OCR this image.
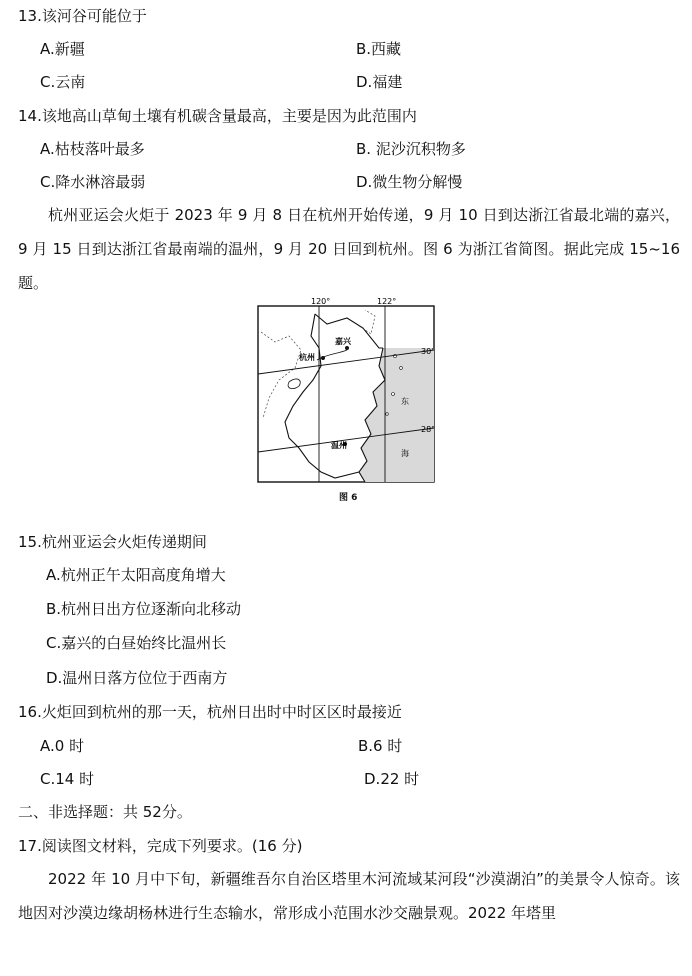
13.该河谷可能位于
A.新疆	B.西藏
C.云南	D.福建
14.该地高山草甸土壤有机碳含量最高，主要是因为此范围内
A.枯枝落叶最多	B. 泥沙沉积物多
C.降水淋溶最弱	D.微生物分解慢
杭州亚运会火炬于 2023 年 9 月 8 日在杭州开始传递，9 月 10 日到达浙江省最北端的嘉兴，9 月 15 日到达浙江省最南端的温州，9 月 20 日回到杭州。图 6 为浙江省简图。据此完成 15~16 题。
120°	122°
30°
28°
嘉兴
杭州
温州
东
海
图 6
15.杭州亚运会火炬传递期间
A.杭州正午太阳高度角增大
B.杭州日出方位逐渐向北移动
C.嘉兴的白昼始终比温州长
D.温州日落方位位于西南方
16.火炬回到杭州的那一天，杭州日出时中时区区时最接近
A.0 时	B.6 时
C.14 时	D.22 时
二、非选择题：共 52分。
17.阅读图文材料，完成下列要求。(16 分)
2022 年 10 月中下旬，新疆维吾尔自治区塔里木河流域某河段“沙漠湖泊”的美景令人惊奇。该地因对沙漠边缘胡杨林进行生态输水，常形成小范围水沙交融景观。2022 年塔里
